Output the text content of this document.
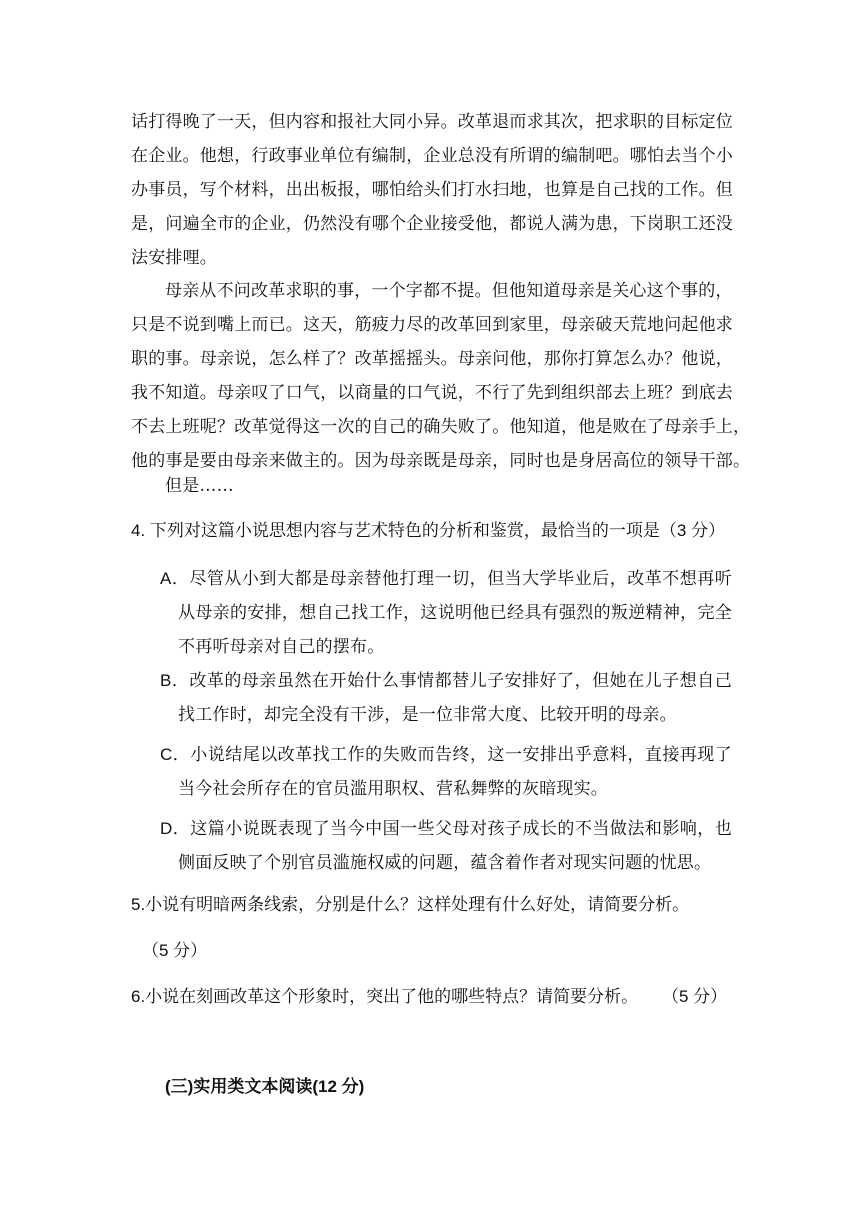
话打得晚了一天，但内容和报社大同小异。改革退而求其次，把求职的目标定位
在企业。他想，行政事业单位有编制，企业总没有所谓的编制吧。哪怕去当个小
办事员，写个材料，出出板报，哪怕给头们打水扫地，也算是自己找的工作。但
是，问遍全市的企业，仍然没有哪个企业接受他，都说人满为患，下岗职工还没
法安排哩。
母亲从不问改革求职的事，一个字都不提。但他知道母亲是关心这个事的，
只是不说到嘴上而已。这天，筋疲力尽的改革回到家里，母亲破天荒地问起他求
职的事。母亲说，怎么样了？改革摇摇头。母亲问他，那你打算怎么办？他说，
我不知道。母亲叹了口气，以商量的口气说，不行了先到组织部去上班？到底去
不去上班呢？改革觉得这一次的自己的确失败了。他知道，他是败在了母亲手上，
他的事是要由母亲来做主的。因为母亲既是母亲，同时也是身居高位的领导干部。
但是……
4. 下列对这篇小说思想内容与艺术特色的分析和鉴赏，最恰当的一项是（3 分）
A．尽管从小到大都是母亲替他打理一切，但当大学毕业后，改革不想再听
从母亲的安排，想自己找工作，这说明他已经具有强烈的叛逆精神，完全
不再听母亲对自己的摆布。
B．改革的母亲虽然在开始什么事情都替儿子安排好了，但她在儿子想自己
找工作时，却完全没有干涉，是一位非常大度、比较开明的母亲。
C．小说结尾以改革找工作的失败而告终，这一安排出乎意料，直接再现了
当今社会所存在的官员滥用职权、营私舞弊的灰暗现实。
D．这篇小说既表现了当今中国一些父母对孩子成长的不当做法和影响，也
侧面反映了个别官员滥施权威的问题，蕴含着作者对现实问题的忧思。
5.小说有明暗两条线索，分别是什么？这样处理有什么好处，请简要分析。
（5 分）
6.小说在刻画改革这个形象时，突出了他的哪些特点？请简要分析。	（5 分）
(三)实用类文本阅读(12 分)
